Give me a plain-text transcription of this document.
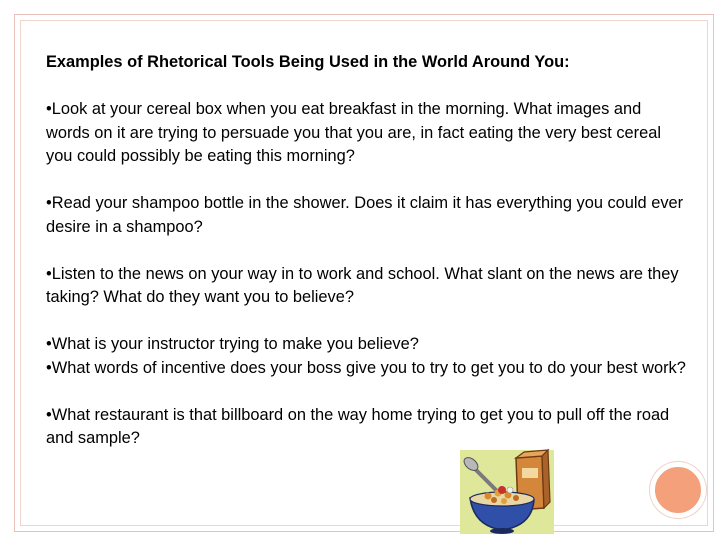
Examples of Rhetorical Tools Being Used in the World Around You:

•Look at your cereal box when you eat breakfast in the morning. What images and words on it are trying to persuade you that you are, in fact eating the very best cereal you could possibly be eating this morning?

•Read your shampoo bottle in the shower. Does it claim it has everything you could ever desire in a shampoo?

•Listen to the news on your way in to work and school. What slant on the news are they taking? What do they want you to believe?

•What is your instructor trying to make you believe?

•What words of incentive does your boss give you to try to get you to do your best work?

•What restaurant is that billboard on the way home trying to get you to pull off the road and sample?
